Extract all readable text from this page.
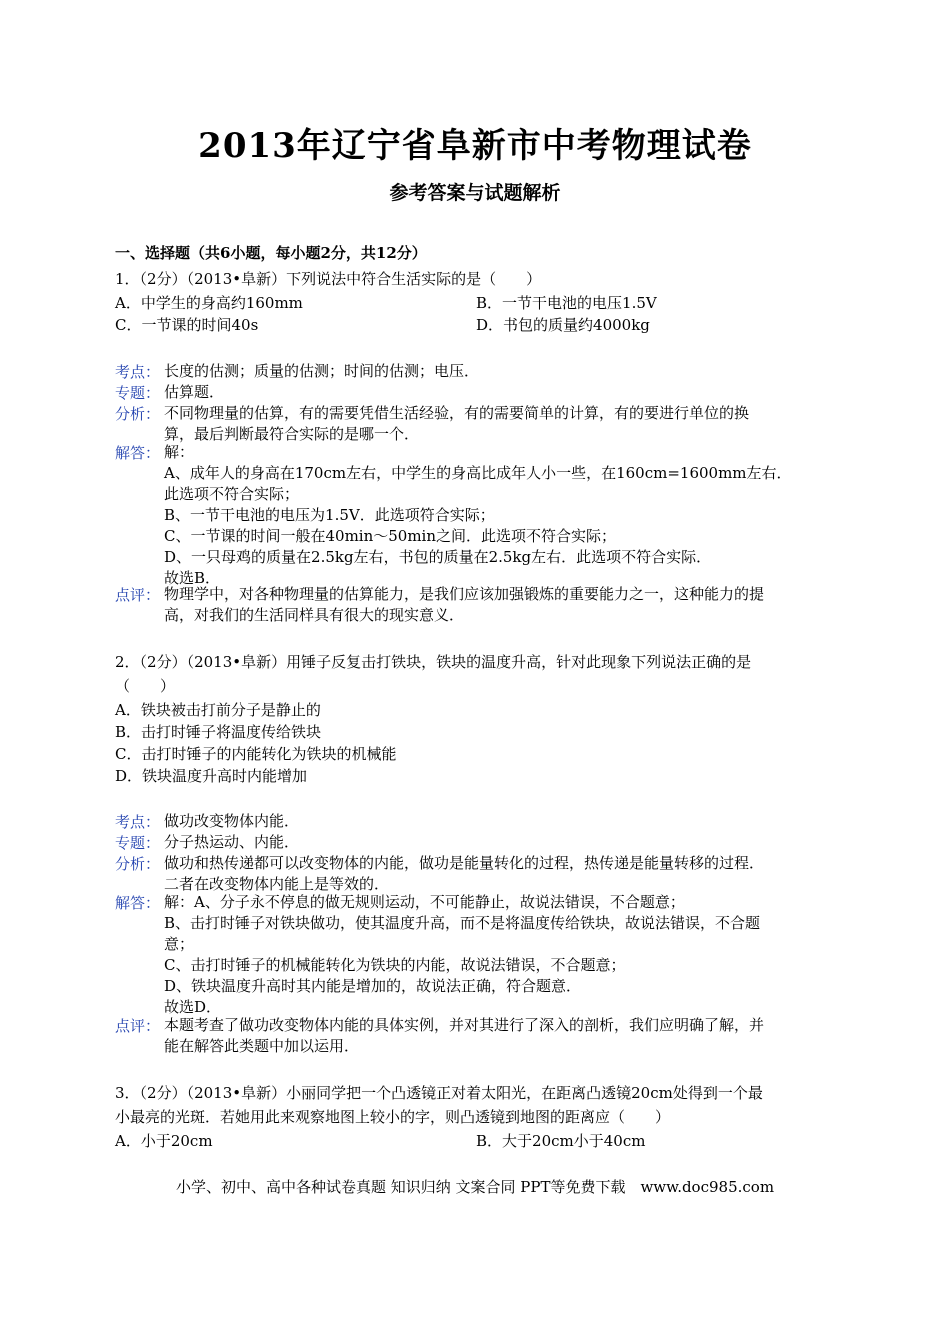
2013年辽宁省阜新市中考物理试卷
参考答案与试题解析
一、选择题（共6小题，每小题2分，共12分）
1．（2分）（2013•阜新）下列说法中符合生活实际的是（　　）
A．中学生的身高约160mm	B．一节干电池的电压1.5V
C．一节课的时间40s	D．书包的质量约4000kg
考点： 长度的估测；质量的估测；时间的估测；电压．
专题： 估算题．
分析： 不同物理量的估算，有的需要凭借生活经验，有的需要简单的计算，有的要进行单位的换
算，最后判断最符合实际的是哪一个．
解答： 解：
A、成年人的身高在170cm左右，中学生的身高比成年人小一些，在160cm=1600mm左右．
此选项不符合实际；
B、一节干电池的电压为1.5V．此选项符合实际；
C、一节课的时间一般在40min～50min之间．此选项不符合实际；
D、一只母鸡的质量在2.5kg左右，书包的质量在2.5kg左右．此选项不符合实际．
故选B．
点评： 物理学中，对各种物理量的估算能力，是我们应该加强锻炼的重要能力之一，这种能力的提
高，对我们的生活同样具有很大的现实意义．
2．（2分）（2013•阜新）用锤子反复击打铁块，铁块的温度升高，针对此现象下列说法正确的是
（　　）
A．铁块被击打前分子是静止的
B．击打时锤子将温度传给铁块
C．击打时锤子的内能转化为铁块的机械能
D．铁块温度升高时内能增加
考点： 做功改变物体内能．
专题： 分子热运动、内能．
分析： 做功和热传递都可以改变物体的内能，做功是能量转化的过程，热传递是能量转移的过程．
二者在改变物体内能上是等效的．
解答： 解：A、分子永不停息的做无规则运动，不可能静止，故说法错误，不合题意；
B、击打时锤子对铁块做功，使其温度升高，而不是将温度传给铁块，故说法错误，不合题
意；
C、击打时锤子的机械能转化为铁块的内能，故说法错误，不合题意；
D、铁块温度升高时其内能是增加的，故说法正确，符合题意．
故选D．
点评： 本题考查了做功改变物体内能的具体实例，并对其进行了深入的剖析，我们应明确了解，并
能在解答此类题中加以运用．
3．（2分）（2013•阜新）小丽同学把一个凸透镜正对着太阳光，在距离凸透镜20cm处得到一个最
小最亮的光斑．若她用此来观察地图上较小的字，则凸透镜到地图的距离应（　　）
A．小于20cm	B．大于20cm小于40cm
小学、初中、高中各种试卷真题 知识归纳 文案合同 PPT等免费下载　www.doc985.com
